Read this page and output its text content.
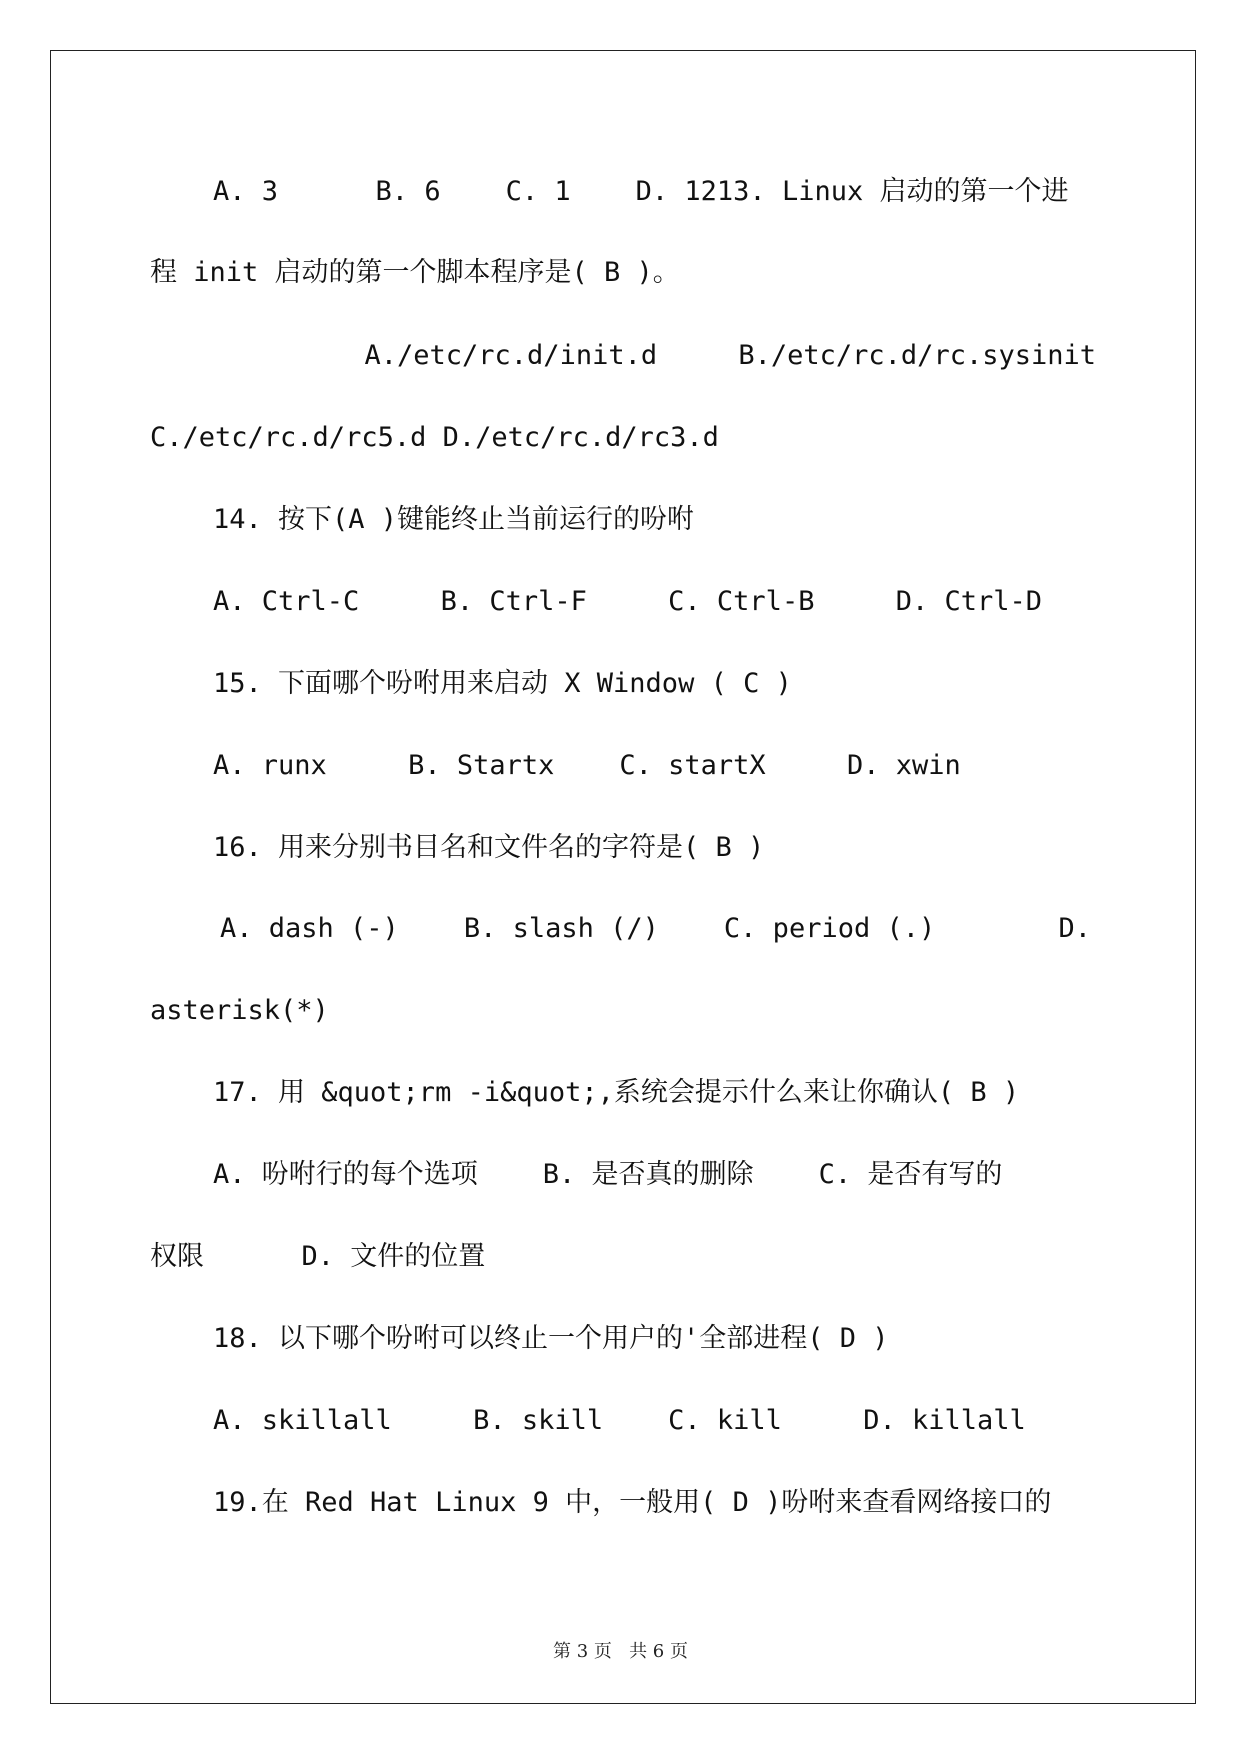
A. 3      B. 6    C. 1    D. 1213. Linux 启动的第一个进
程 init 启动的第一个脚本程序是( B )。
A./etc/rc.d/init.d     B./etc/rc.d/rc.sysinit
C./etc/rc.d/rc5.d D./etc/rc.d/rc3.d
14. 按下(A )键能终止当前运行的吩咐
A. Ctrl-C     B. Ctrl-F     C. Ctrl-B     D. Ctrl-D
15. 下面哪个吩咐用来启动 X Window ( C )
A. runx     B. Startx    C. startX     D. xwin
16. 用来分别书目名和文件名的字符是( B )
A. dash (-)    B. slash (/)    C. period (.)	D.
asterisk(*)
17. 用 &quot;rm -i&quot;,系统会提示什么来让你确认( B )
A. 吩咐行的每个选项    B. 是否真的删除    C. 是否有写的
权限      D. 文件的位置
18. 以下哪个吩咐可以终止一个用户的'全部进程( D )
A. skillall     B. skill    C. kill     D. killall
19.在 Red Hat Linux 9 中，一般用( D )吩咐来查看网络接口的
第 3 页   共 6 页
